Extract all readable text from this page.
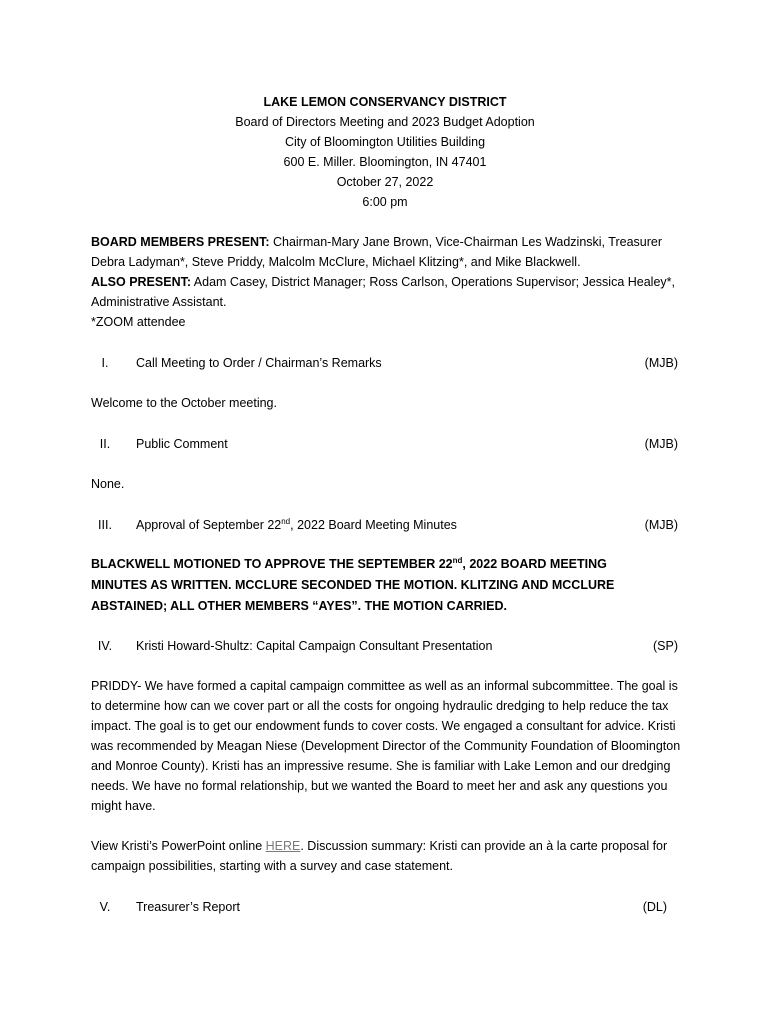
LAKE LEMON CONSERVANCY DISTRICT
Board of Directors Meeting and 2023 Budget Adoption
City of Bloomington Utilities Building
600 E. Miller. Bloomington, IN 47401
October 27, 2022
6:00 pm
BOARD MEMBERS PRESENT: Chairman-Mary Jane Brown, Vice-Chairman Les Wadzinski, Treasurer Debra Ladyman*, Steve Priddy, Malcolm McClure, Michael Klitzing*, and Mike Blackwell.
ALSO PRESENT: Adam Casey, District Manager; Ross Carlson, Operations Supervisor; Jessica Healey*, Administrative Assistant.
*ZOOM attendee
I.	Call Meeting to Order / Chairman’s Remarks	(MJB)
Welcome to the October meeting.
II.	Public Comment	(MJB)
None.
III.	Approval of September 22nd, 2022 Board Meeting Minutes	(MJB)
BLACKWELL MOTIONED TO APPROVE THE SEPTEMBER 22nd, 2022 BOARD MEETING MINUTES AS WRITTEN. MCCLURE SECONDED THE MOTION. KLITZING AND MCCLURE ABSTAINED; ALL OTHER MEMBERS “AYES”. THE MOTION CARRIED.
IV.	Kristi Howard-Shultz: Capital Campaign Consultant Presentation	(SP)
PRIDDY- We have formed a capital campaign committee as well as an informal subcommittee. The goal is to determine how can we cover part or all the costs for ongoing hydraulic dredging to help reduce the tax impact. The goal is to get our endowment funds to cover costs. We engaged a consultant for advice. Kristi was recommended by Meagan Niese (Development Director of the Community Foundation of Bloomington and Monroe County). Kristi has an impressive resume. She is familiar with Lake Lemon and our dredging needs. We have no formal relationship, but we wanted the Board to meet her and ask any questions you might have.
View Kristi’s PowerPoint online HERE. Discussion summary: Kristi can provide an à la carte proposal for campaign possibilities, starting with a survey and case statement.
V.	Treasurer’s Report	(DL)
